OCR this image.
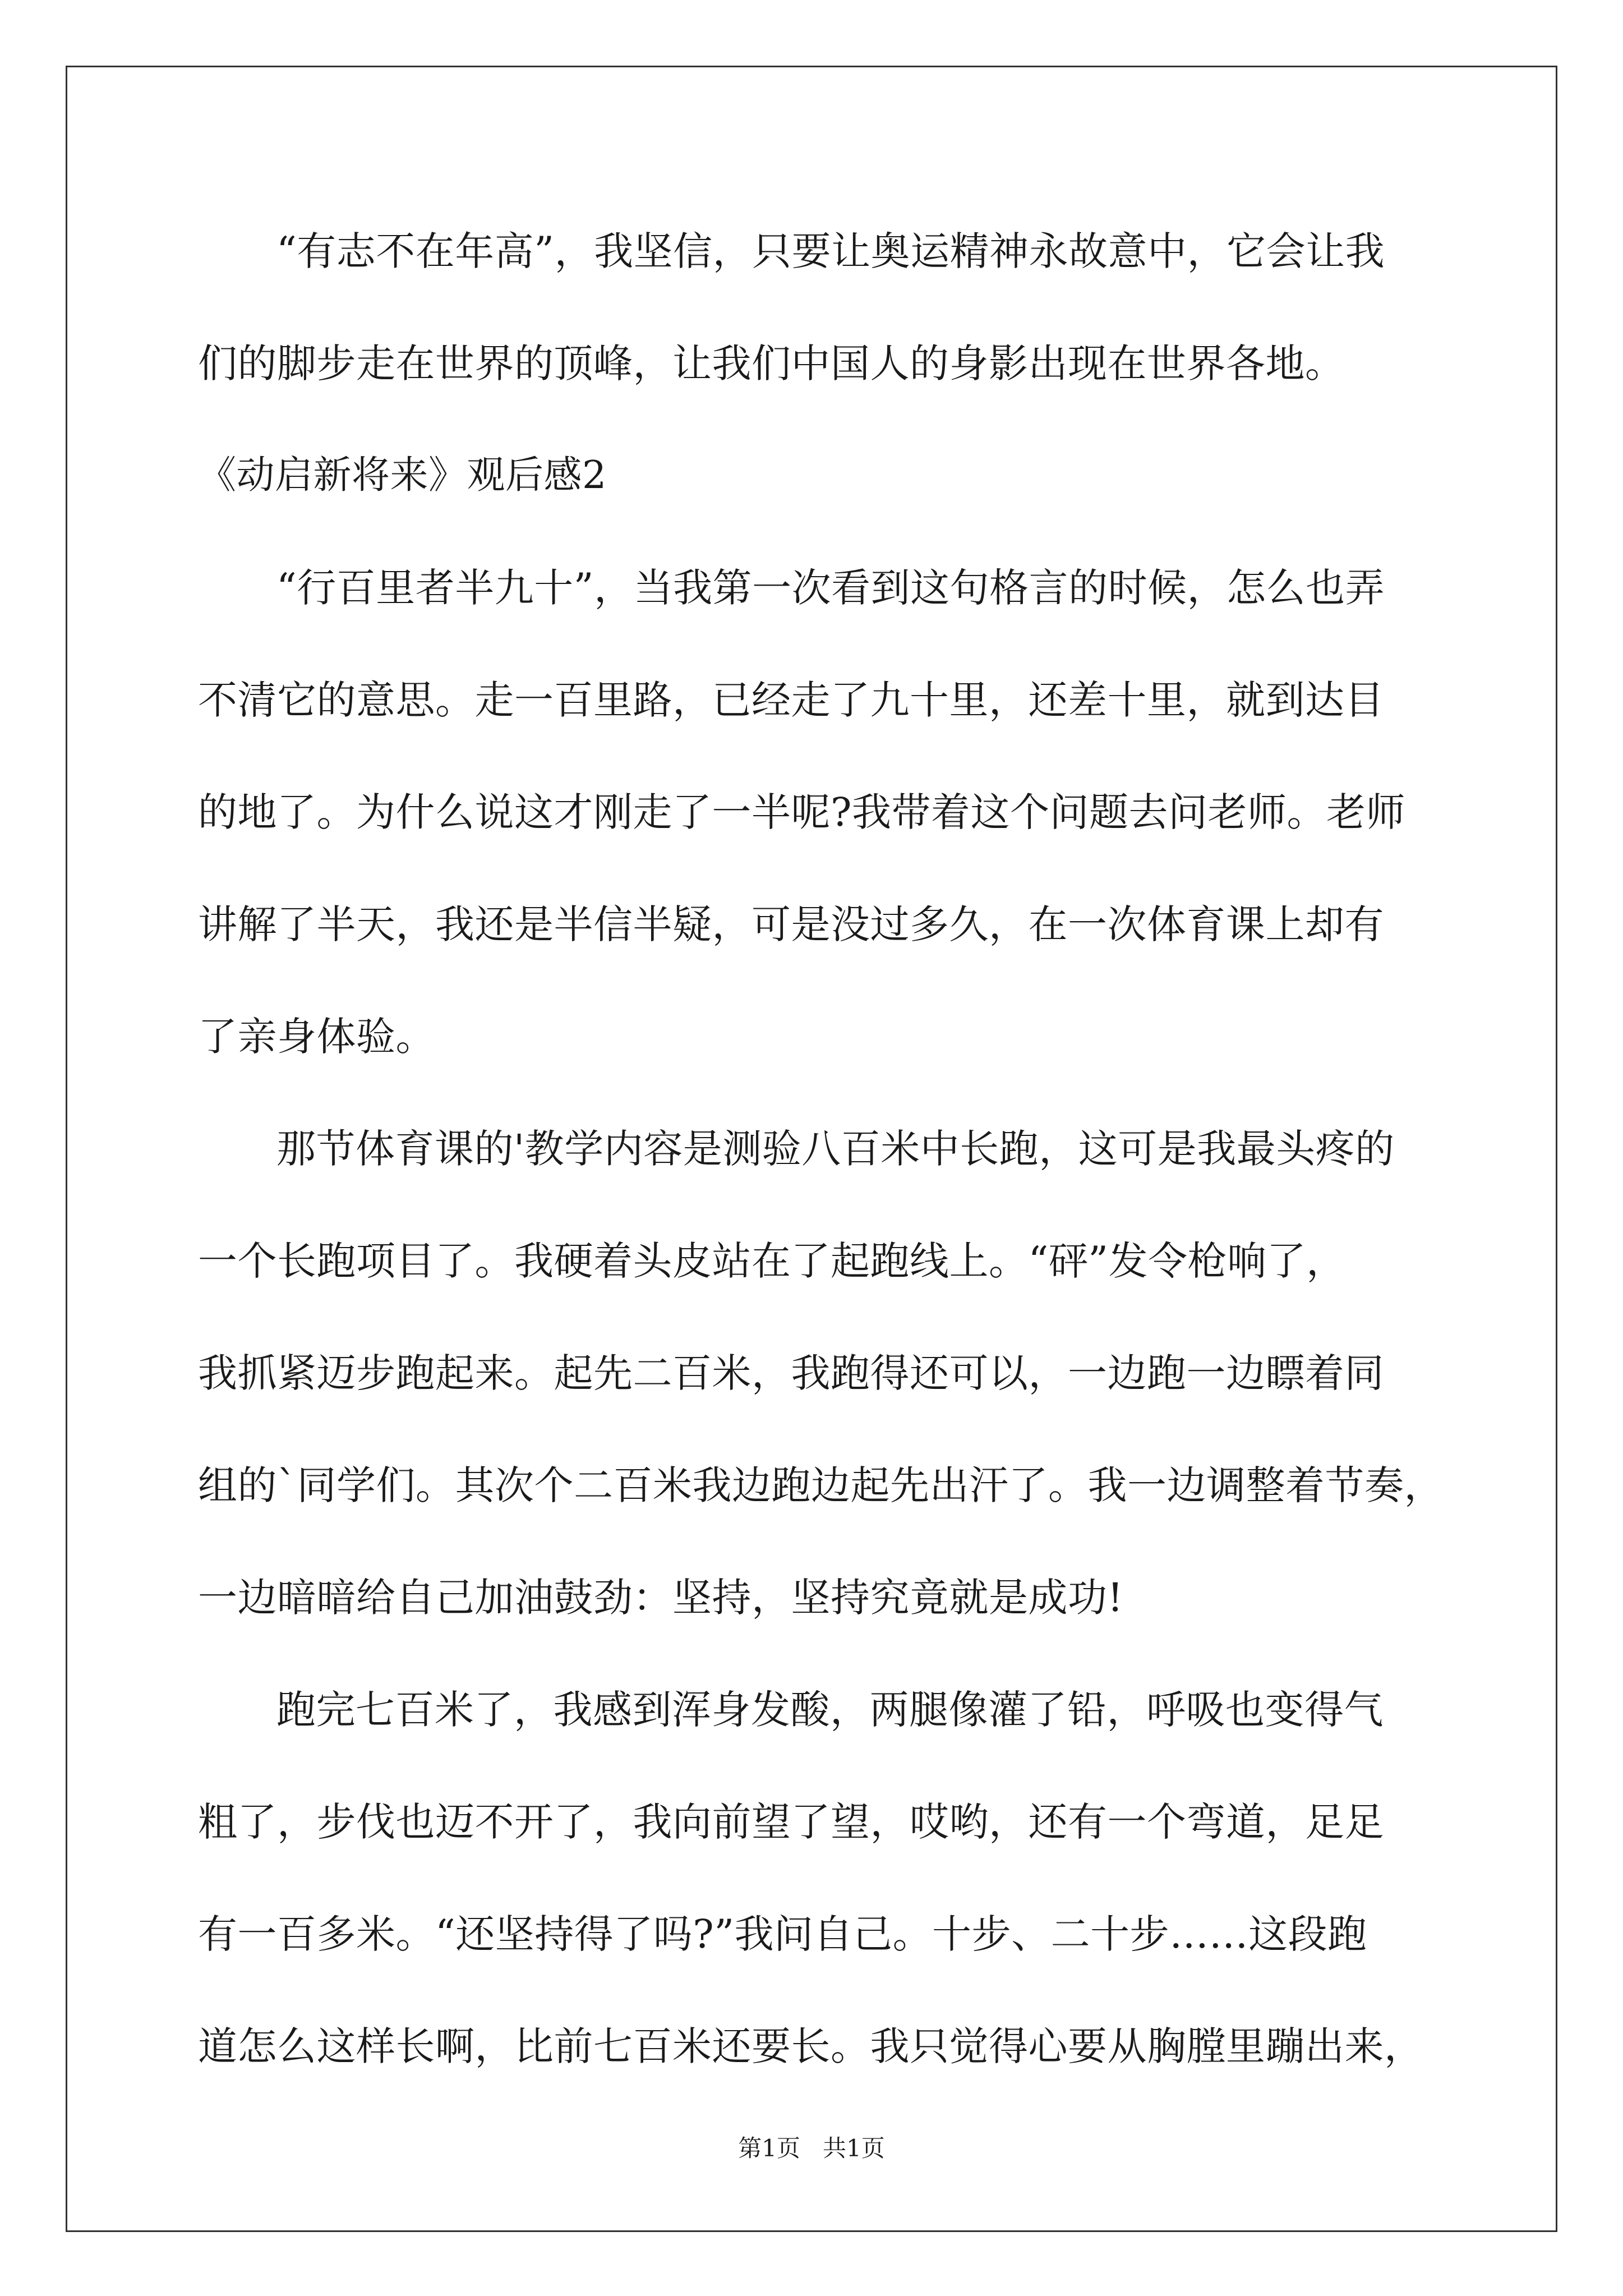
“有志不在年高”，我坚信，只要让奥运精神永故意中，它会让我
们的脚步走在世界的顶峰，让我们中国人的身影出现在世界各地。
《动启新将来》观后感2
“行百里者半九十”，当我第一次看到这句格言的时候，怎么也弄
不清它的意思。走一百里路，已经走了九十里，还差十里，就到达目
的地了。为什么说这才刚走了一半呢?我带着这个问题去问老师。老师
讲解了半天，我还是半信半疑，可是没过多久，在一次体育课上却有
了亲身体验。
那节体育课的'教学内容是测验八百米中长跑，这可是我最头疼的
一个长跑项目了。我硬着头皮站在了起跑线上。“砰”发令枪响了，
我抓紧迈步跑起来。起先二百米，我跑得还可以，一边跑一边瞟着同
组的`同学们。其次个二百米我边跑边起先出汗了。我一边调整着节奏，
一边暗暗给自己加油鼓劲：坚持，坚持究竟就是成功!
跑完七百米了，我感到浑身发酸，两腿像灌了铅，呼吸也变得气
粗了，步伐也迈不开了，我向前望了望，哎哟，还有一个弯道，足足
有一百多米。“还坚持得了吗?”我问自己。十步、二十步……这段跑
道怎么这样长啊，比前七百米还要长。我只觉得心要从胸膛里蹦出来，
第1页 共1页
